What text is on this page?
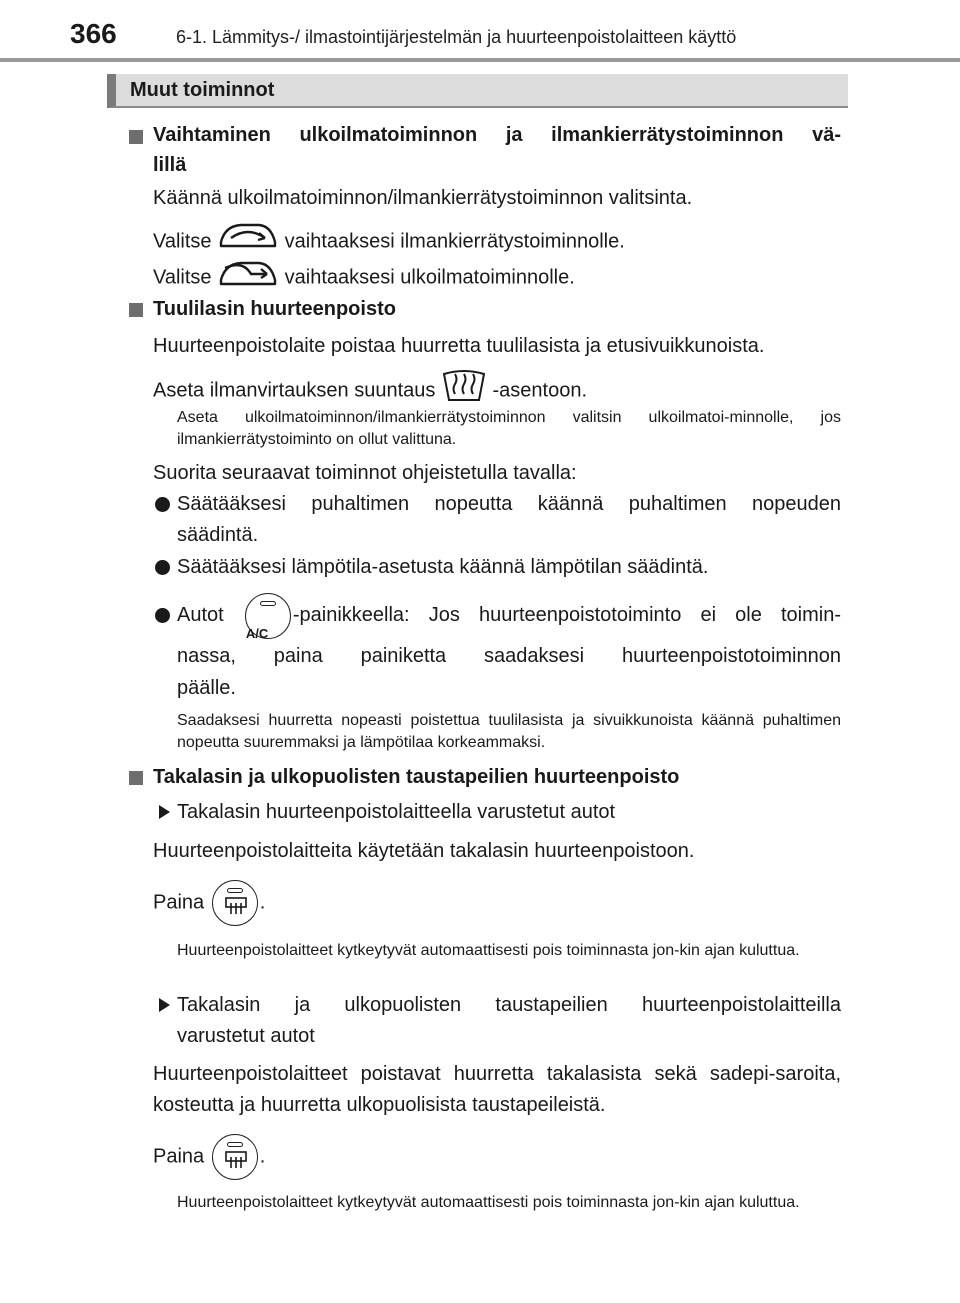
366	6-1. Lämmitys-/ ilmastointijärjestelmän ja huurteenpoistolaitteen käyttö
Muut toiminnot
Vaihtaminen ulkoilmatoiminnon ja ilmankierrätystoiminnon vä-
lillä
Käännä ulkoilmatoiminnon/ilmankierrätystoiminnon valitsinta.
Valitse	vaihtaaksesi ilmankierrätystoiminnolle.
Valitse	vaihtaaksesi ulkoilmatoiminnolle.
Tuulilasin huurteenpoisto
Huurteenpoistolaite poistaa huurretta tuulilasista ja etusivuikkunoista.
Aseta ilmanvirtauksen suuntaus	-asentoon.
Aseta ulkoilmatoiminnon/ilmankierrätystoiminnon valitsin ulkoilmatoi-minnolle, jos ilmankierrätystoiminto on ollut valittuna.
Suorita seuraavat toiminnot ohjeistetulla tavalla:
Säätääksesi puhaltimen nopeutta käännä puhaltimen nopeuden
säädintä.
Säätääksesi lämpötila-asetusta käännä lämpötilan säädintä.
Autot
A/C
-painikkeella: Jos huurteenpoistotoiminto ei ole toimin-
nassa, paina painiketta saadaksesi huurteenpoistotoiminnon
päälle.
Saadaksesi huurretta nopeasti poistettua tuulilasista ja sivuikkunoista käännä puhaltimen nopeutta suuremmaksi ja lämpötilaa korkeammaksi.
Takalasin ja ulkopuolisten taustapeilien huurteenpoisto
Takalasin huurteenpoistolaitteella varustetut autot
Huurteenpoistolaitteita käytetään takalasin huurteenpoistoon.
Paina	.
Huurteenpoistolaitteet kytkeytyvät automaattisesti pois toiminnasta jon-kin ajan kuluttua.
Takalasin ja ulkopuolisten taustapeilien huurteenpoistolaitteilla
varustetut autot
Huurteenpoistolaitteet poistavat huurretta takalasista sekä sadepi-saroita, kosteutta ja huurretta ulkopuolisista taustapeileistä.
Paina	.
Huurteenpoistolaitteet kytkeytyvät automaattisesti pois toiminnasta jon-kin ajan kuluttua.
